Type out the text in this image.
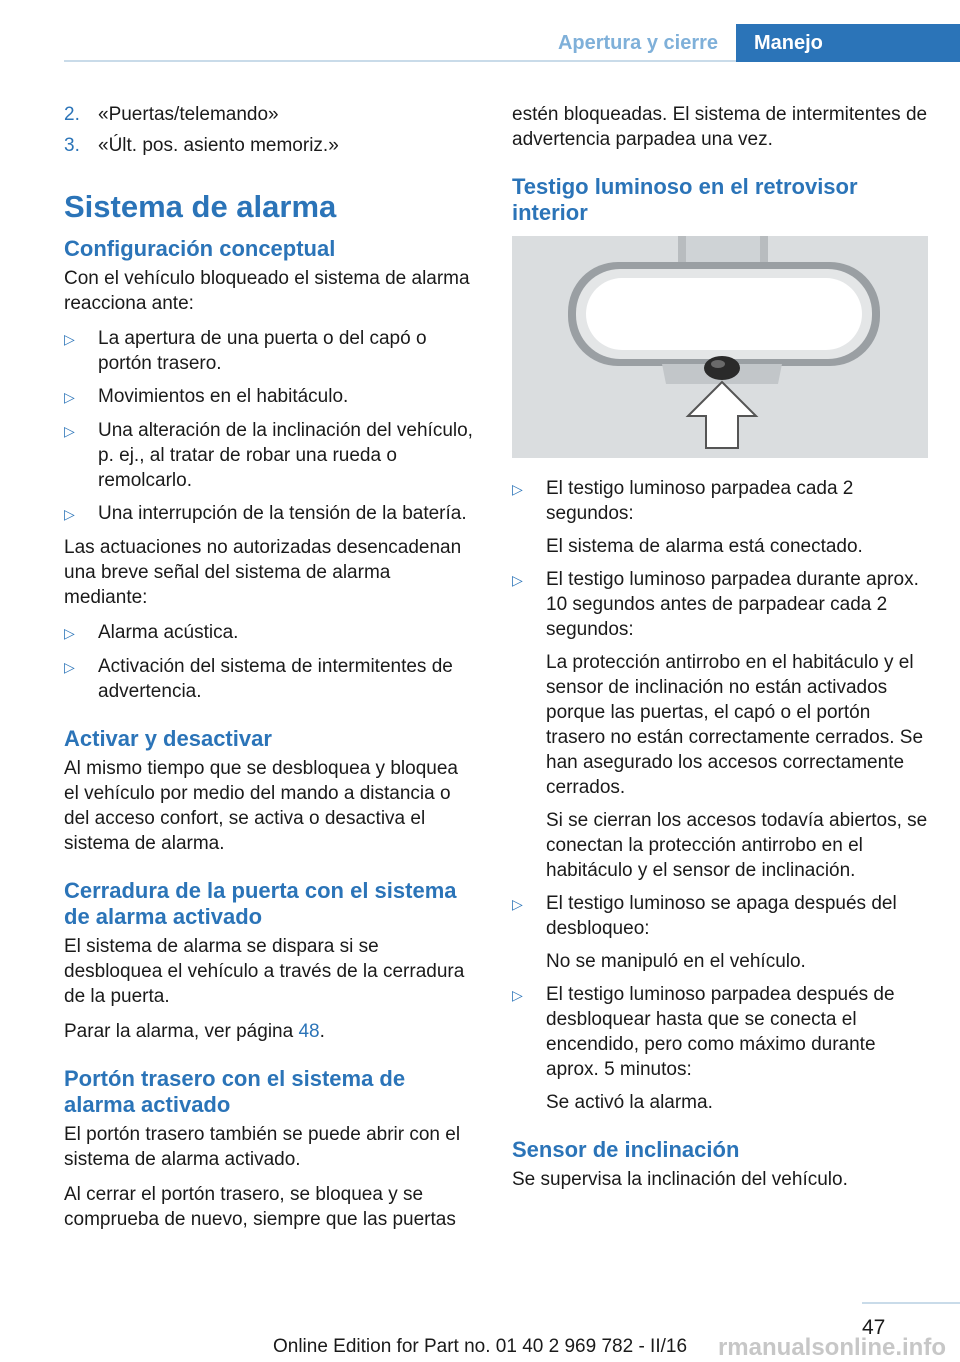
Apertura y cierre	Manejo
2. «Puertas/telemando»
3. «Últ. pos. asiento memoriz.»
Sistema de alarma
Configuración conceptual

Con el vehículo bloqueado el sistema de alarma reacciona ante:

▷	La apertura de una puerta o del capó o portón trasero.
▷	Movimientos en el habitáculo.
▷	Una alteración de la inclinación del vehículo, p. ej., al tratar de robar una rueda o remolcarlo.
▷	Una interrupción de la tensión de la batería.

Las actuaciones no autorizadas desencadenan una breve señal del sistema de alarma mediante:

▷	Alarma acústica.
▷	Activación del sistema de intermitentes de advertencia.
Activar y desactivar

Al mismo tiempo que se desbloquea y bloquea el vehículo por medio del mando a distancia o del acceso confort, se activa o desactiva el sistema de alarma.

Cerradura de la puerta con el sistema de alarma activado

El sistema de alarma se dispara si se desbloquea el vehículo a través de la cerradura de la puerta.

Parar la alarma, ver página 48.

Portón trasero con el sistema de alarma activado

El portón trasero también se puede abrir con el sistema de alarma activado.

Al cerrar el portón trasero, se bloquea y se comprueba de nuevo, siempre que las puertas

estén bloqueadas. El sistema de intermitentes de advertencia parpadea una vez.

Testigo luminoso en el retrovisor interior
▷	El testigo luminoso parpadea cada 2 segundos:

El sistema de alarma está conectado.

▷	El testigo luminoso parpadea durante aprox. 10 segundos antes de parpadear cada 2 segundos:

La protección antirrobo en el habitáculo y el sensor de inclinación no están activados porque las puertas, el capó o el portón trasero no están correctamente cerrados. Se han asegurado los accesos correctamente cerrados.

Si se cierran los accesos todavía abiertos, se conectan la protección antirrobo en el habitáculo y el sensor de inclinación.

▷	El testigo luminoso se apaga después del desbloqueo:

No se manipuló en el vehículo.

▷	El testigo luminoso parpadea después de desbloquear hasta que se conecta el encendido, pero como máximo durante aprox. 5 minutos:

Se activó la alarma.

Sensor de inclinación

Se supervisa la inclinación del vehículo.

47
Online Edition for Part no. 01 40 2 969 782 - II/16	rmanualsonline.info
